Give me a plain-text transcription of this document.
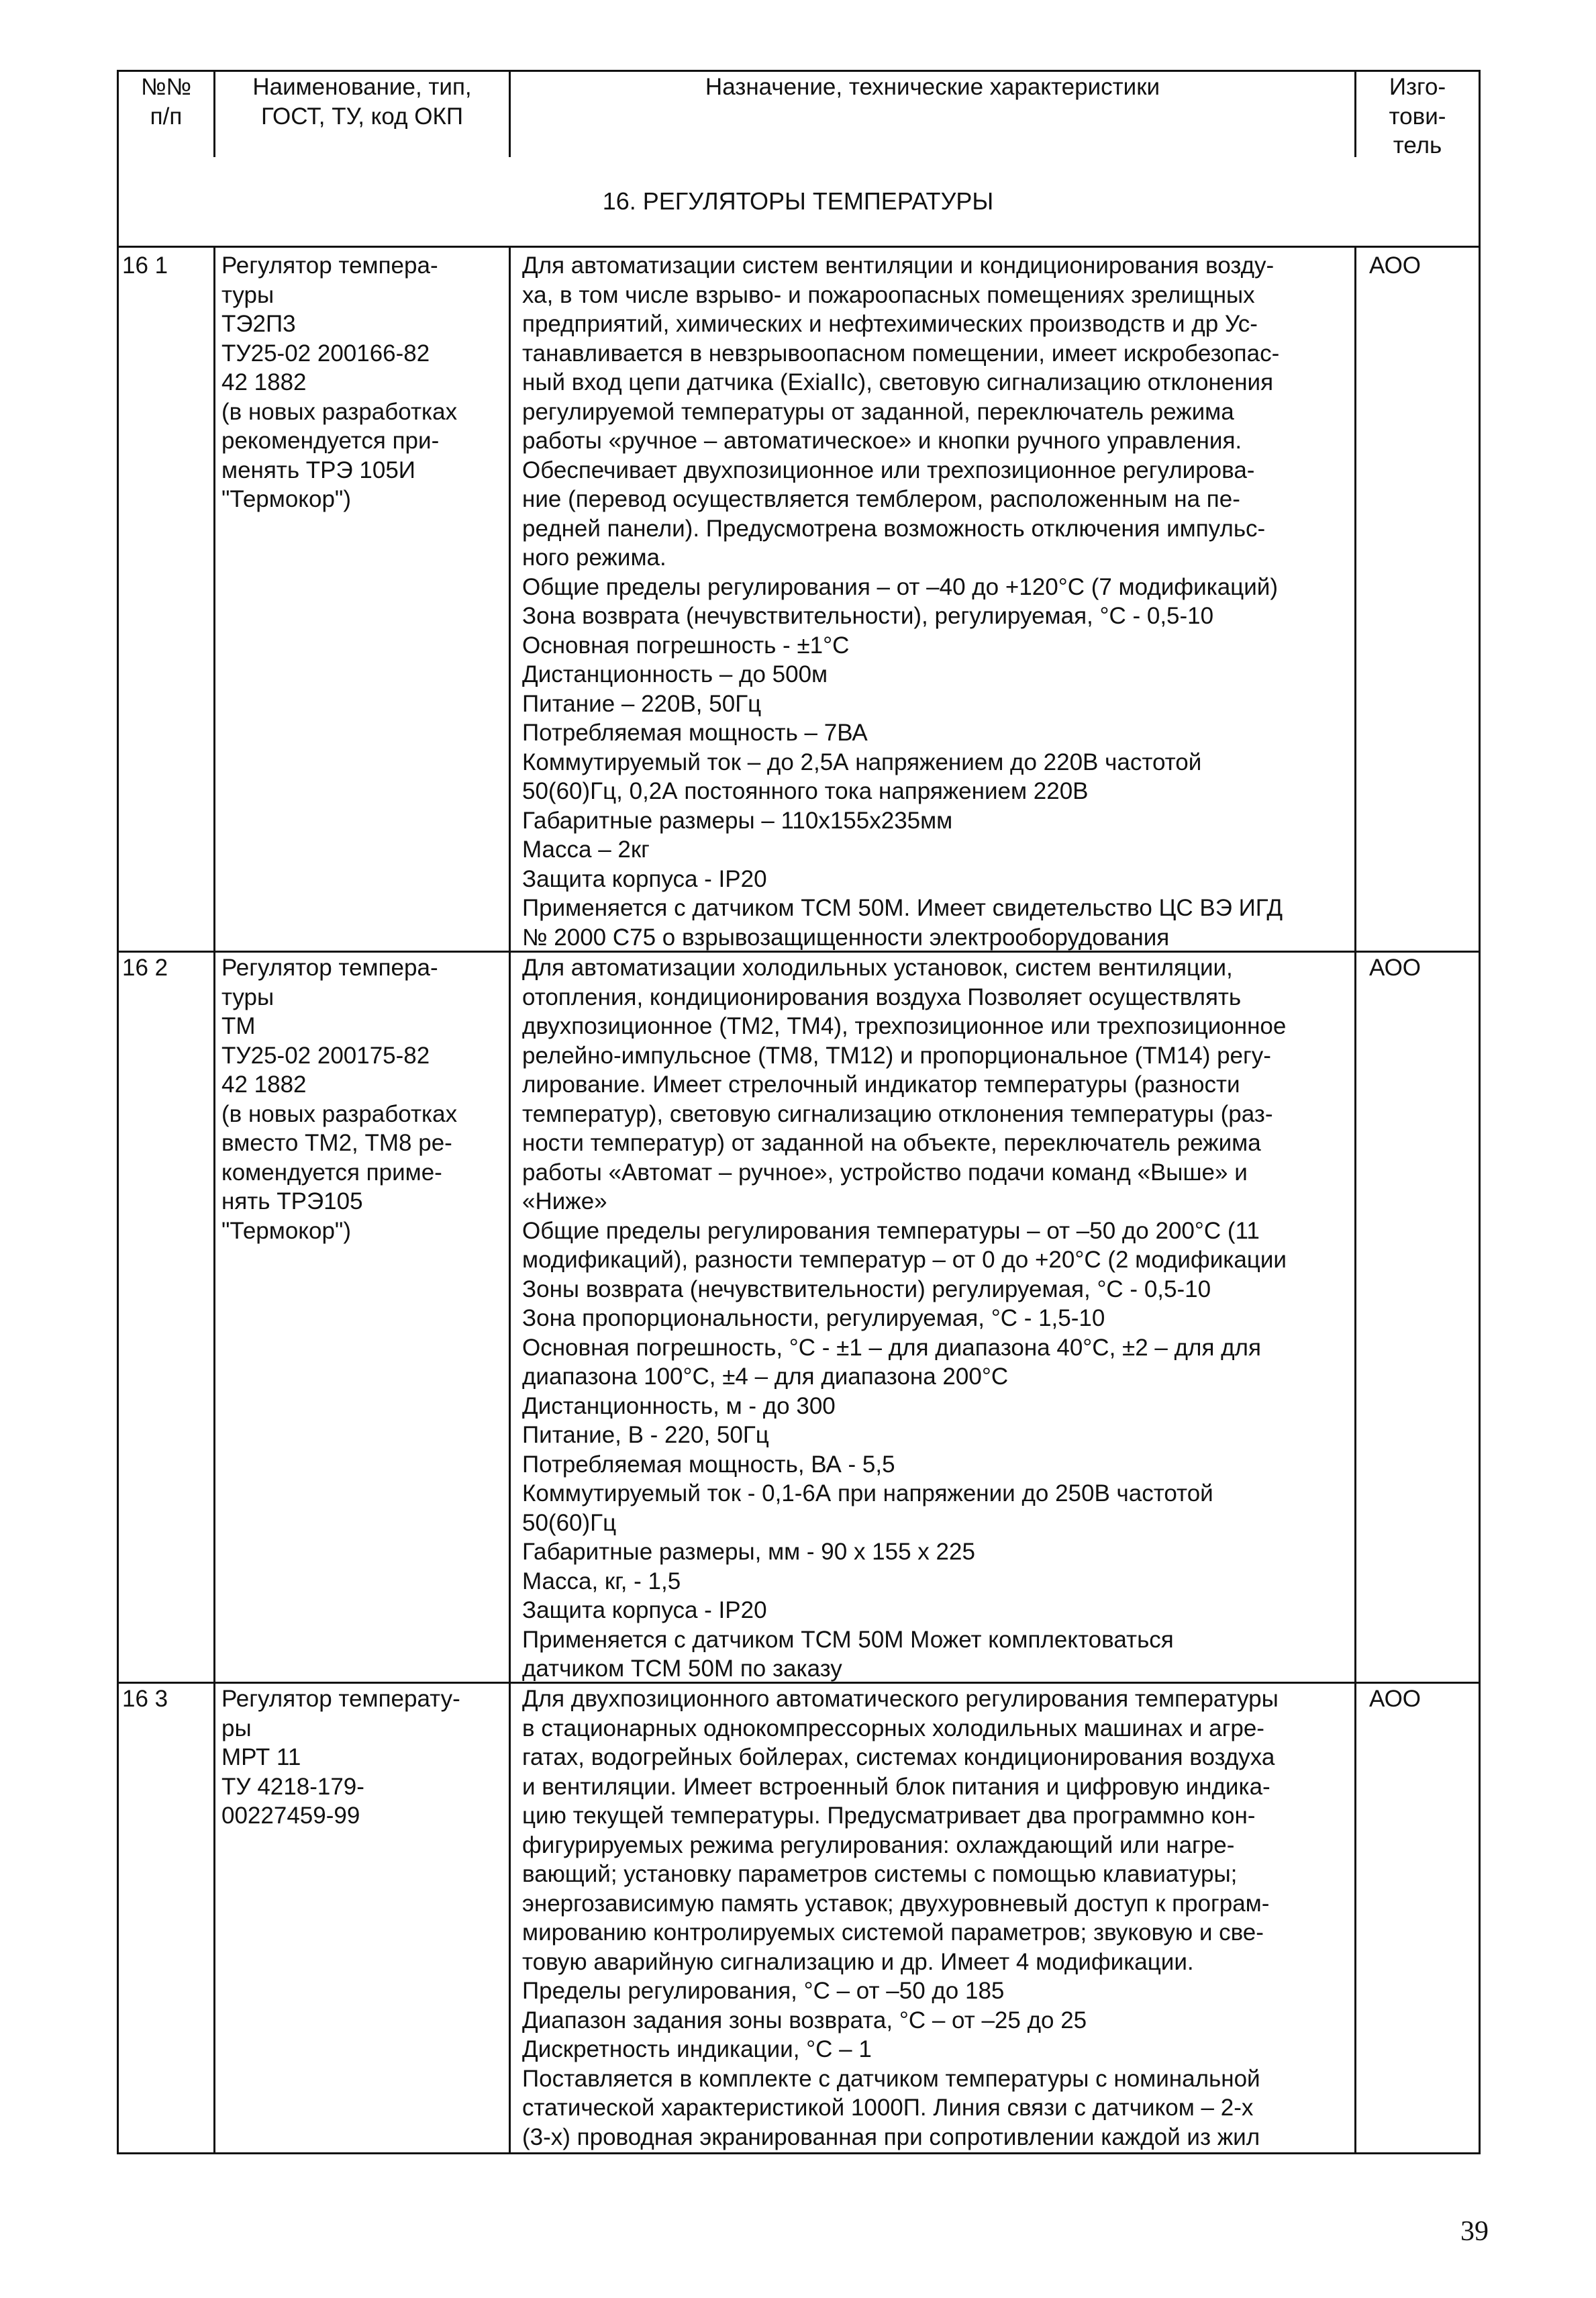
№№
п/п
Наименование, тип,
ГОСТ, ТУ, код ОКП
Назначение, технические характеристики	Изго-
тови-
тель
16. РЕГУЛЯТОРЫ ТЕМПЕРАТУРЫ
16 1 Регулятор темпера-
туры
ТЭ2П3
ТУ25-02 200166-82
42 1882
(в новых разработках
рекомендуется при-
менять ТРЭ 105И
"Термокор")
Для автоматизации систем вентиляции и кондиционирования возду-
ха, в том числе взрыво- и пожароопасных помещениях зрелищных
предприятий, химических и нефтехимических производств и др Ус-
танавливается в невзрывоопасном помещении, имеет искробезопас-
ный вход цепи датчика (ExiaIIc), световую сигнализацию отклонения
регулируемой температуры от заданной, переключатель режима
работы «ручное – автоматическое» и кнопки ручного управления.
Обеспечивает двухпозиционное или трехпозиционное регулирова-
ние (перевод осуществляется темблером, расположенным на пе-
редней панели). Предусмотрена возможность отключения импульс-
ного режима.
Общие пределы регулирования – от –40 до +120°С (7 модификаций)
Зона возврата (нечувствительности), регулируемая, °С - 0,5-10
Основная погрешность - ±1°С
Дистанционность – до 500м
Питание – 220В, 50Гц
Потребляемая мощность – 7ВА
Коммутируемый ток – до 2,5А напряжением до 220В частотой
50(60)Гц, 0,2А постоянного тока напряжением 220В
Габаритные размеры – 110х155х235мм
Масса – 2кг
Защита корпуса - IP20
Применяется с датчиком ТСМ 50М. Имеет свидетельство ЦС ВЭ ИГД
№ 2000 С75 о взрывозащищенности электрооборудования
АОО
16 2 Регулятор темпера-
туры
ТМ
ТУ25-02 200175-82
42 1882
(в новых разработках
вместо ТМ2, ТМ8 ре-
комендуется приме-
нять ТРЭ105
"Термокор")
Для автоматизации холодильных установок, систем вентиляции,
отопления, кондиционирования воздуха Позволяет осуществлять
двухпозиционное (ТМ2, ТМ4), трехпозиционное или трехпозиционное
релейно-импульсное (ТМ8, ТМ12) и пропорциональное (ТМ14) регу-
лирование. Имеет стрелочный индикатор температуры (разности
температур), световую сигнализацию отклонения температуры (раз-
ности температур) от заданной на объекте, переключатель режима
работы «Автомат – ручное», устройство подачи команд «Выше» и
«Ниже»
Общие пределы регулирования температуры – от –50 до 200°С (11
модификаций), разности температур – от 0 до +20°С (2 модификации
Зоны возврата (нечувствительности) регулируемая, °С - 0,5-10
Зона пропорциональности, регулируемая, °С - 1,5-10
Основная погрешность, °С - ±1 – для диапазона 40°С, ±2 – для для
диапазона 100°С, ±4 – для диапазона 200°С
Дистанционность, м - до 300
Питание, В - 220, 50Гц
Потребляемая мощность, ВА - 5,5
Коммутируемый ток - 0,1-6А при напряжении до 250В частотой
50(60)Гц
Габаритные размеры, мм - 90 х 155 х 225
Масса, кг, - 1,5
Защита корпуса - IP20
Применяется с датчиком ТСМ 50М Может комплектоваться
датчиком ТСМ 50М по заказу
АОО
16 3 Регулятор температу-
ры
МРТ 11
ТУ 4218-179-
00227459-99
Для двухпозиционного автоматического регулирования температуры
в стационарных однокомпрессорных холодильных машинах и агре-
гатах, водогрейных бойлерах, системах кондиционирования воздуха
и вентиляции. Имеет встроенный блок питания и цифровую индика-
цию текущей температуры. Предусматривает два программно кон-
фигурируемых режима регулирования: охлаждающий или нагре-
вающий; установку параметров системы с помощью клавиатуры;
энергозависимую память уставок; двухуровневый доступ к програм-
мированию контролируемых системой параметров; звуковую и све-
товую аварийную сигнализацию и др. Имеет 4 модификации.
Пределы регулирования, °С – от –50 до 185
Диапазон задания зоны возврата, °С – от –25 до 25
Дискретность индикации, °С – 1
Поставляется в комплекте с датчиком температуры с номинальной
статической характеристикой 1000П. Линия связи с датчиком – 2-х
(3-х) проводная экранированная при сопротивлении каждой из жил
АОО
39
